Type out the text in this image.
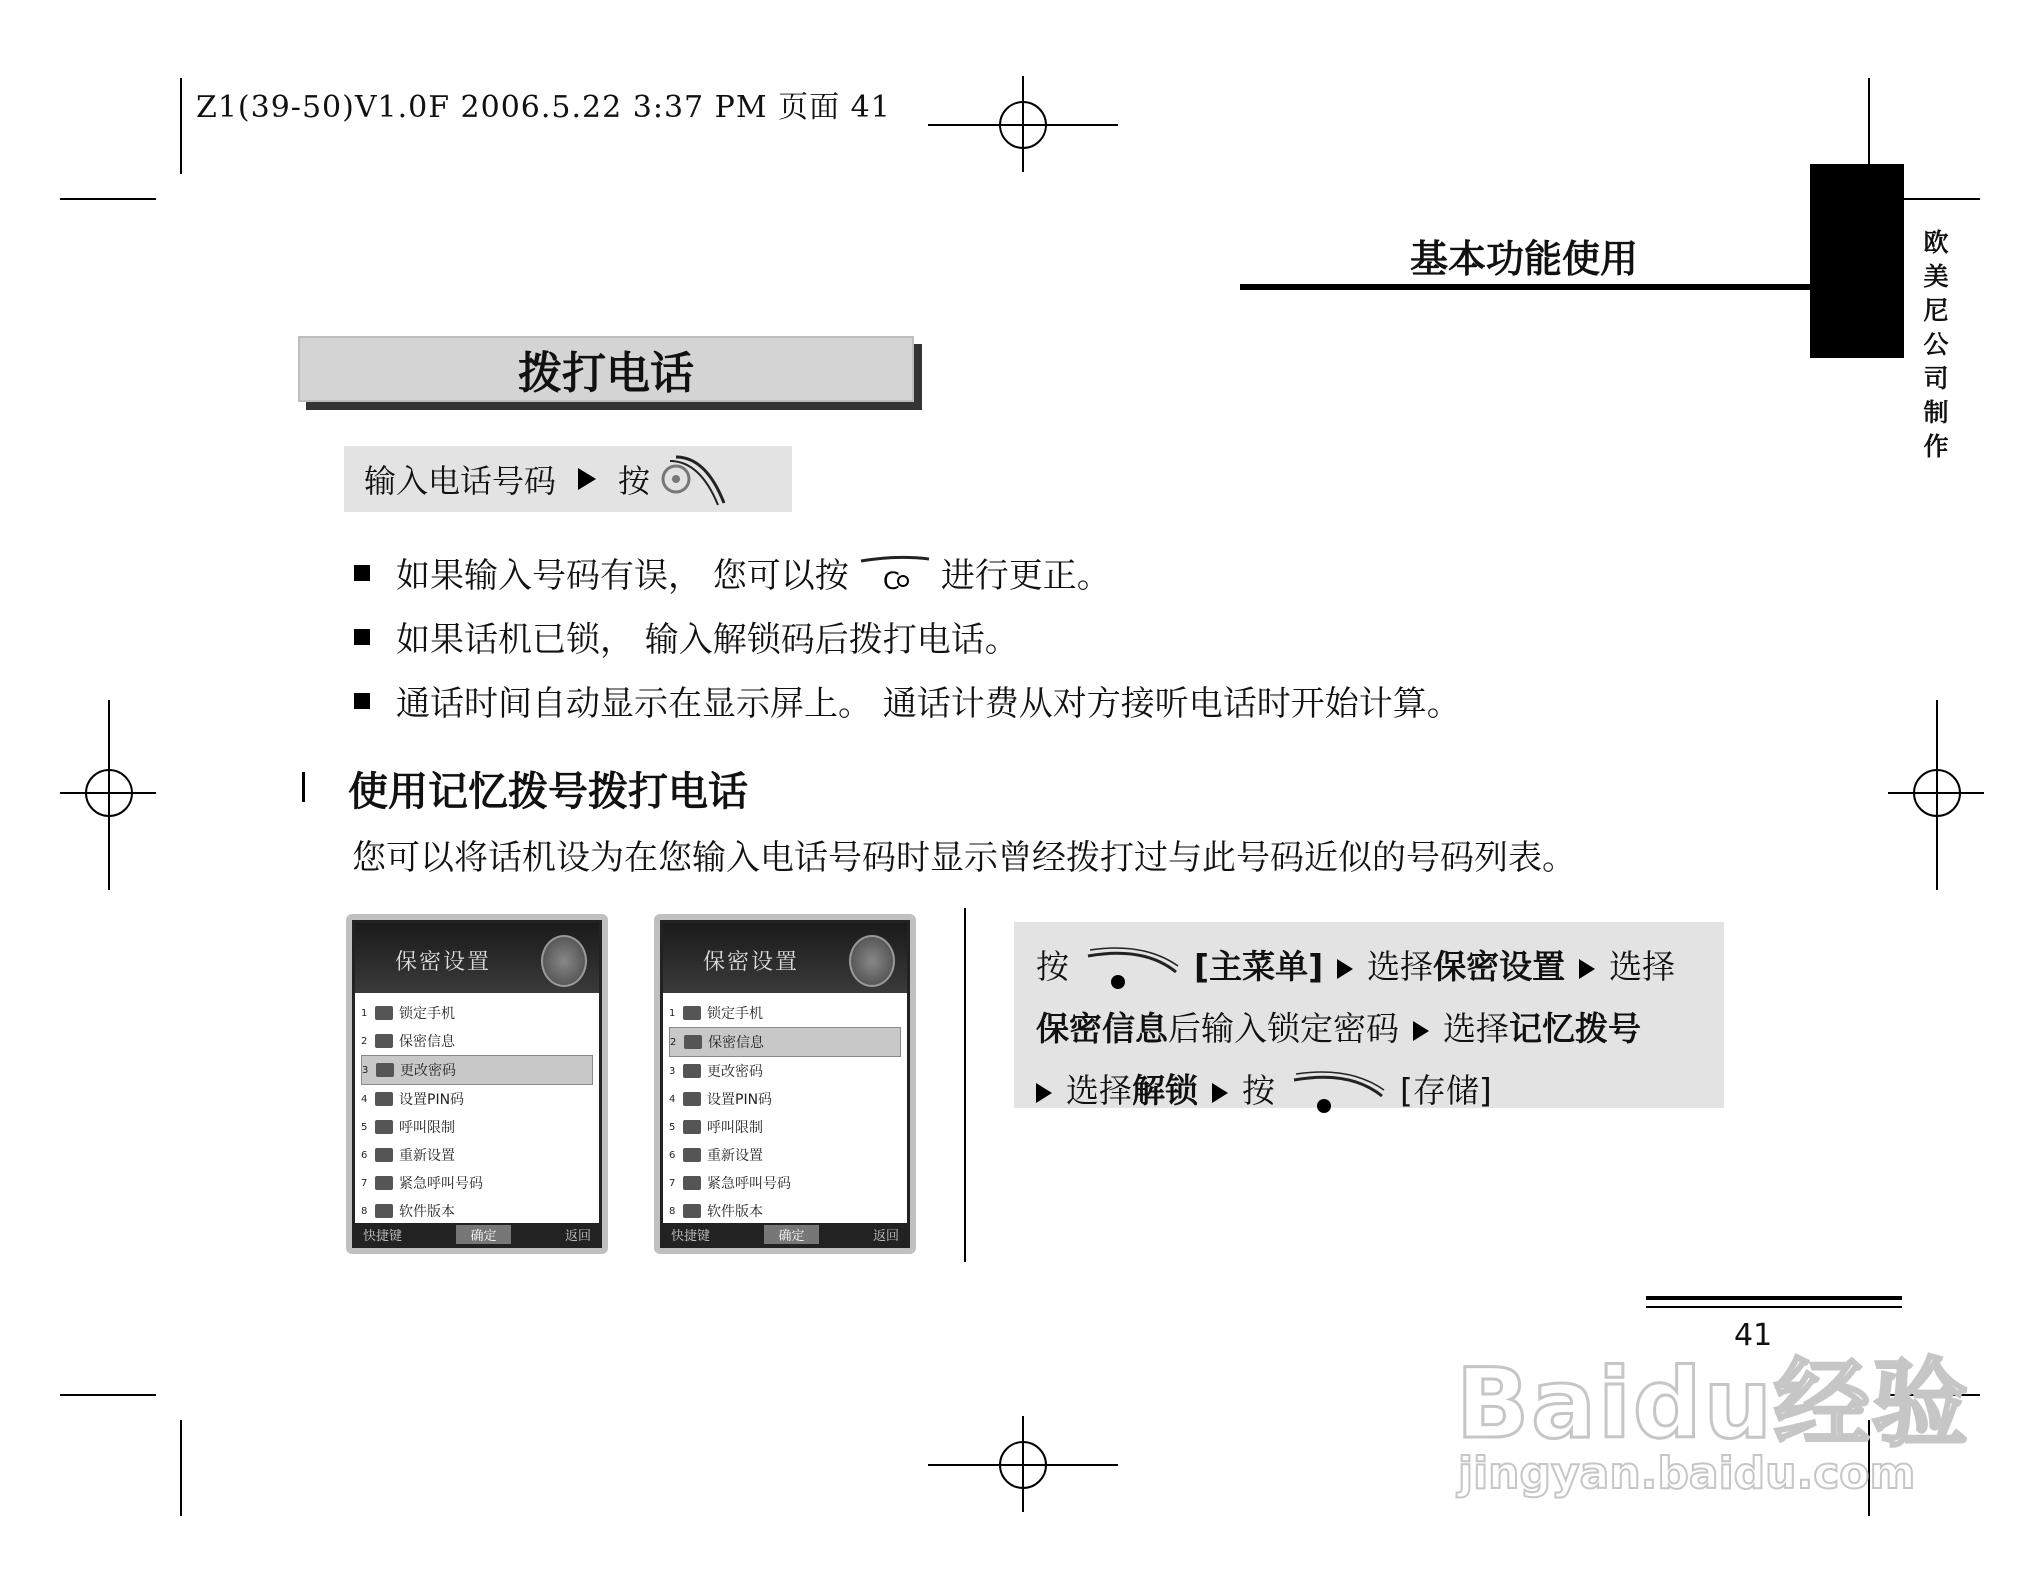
Z1(39-50)V1.0F 2006.5.22 3:37 PM 页面 41
基本功能使用	欧
美
尼
公
司
制
作
拨打电话
输入电话号码 按
如果输入号码有误， 您可以按 C 进行更正。
如果话机已锁， 输入解锁码后拨打电话。
通话时间自动显示在显示屏上。 通话计费从对方接听电话时开始计算。
使用记忆拨号拨打电话
您可以将话机设为在您输入电话号码时显示曾经拨打过与此号码近似的号码列表。
保密设置
1	锁定手机
2	保密信息
3	更改密码
4	设置PIN码
5	呼叫限制
6	重新设置
7	紧急呼叫号码
8	软件版本
快捷键	确定	返回
保密设置
1	锁定手机
2	保密信息
3	更改密码
4	设置PIN码
5	呼叫限制
6	重新设置
7	紧急呼叫号码
8	软件版本
快捷键	确定	返回
按	[主菜单] 选择保密设置 选择
保密信息后输入锁定密码 选择记忆拨号
选择解锁 按	[存储]
41
Baidu经验
jingyan.baidu.com
